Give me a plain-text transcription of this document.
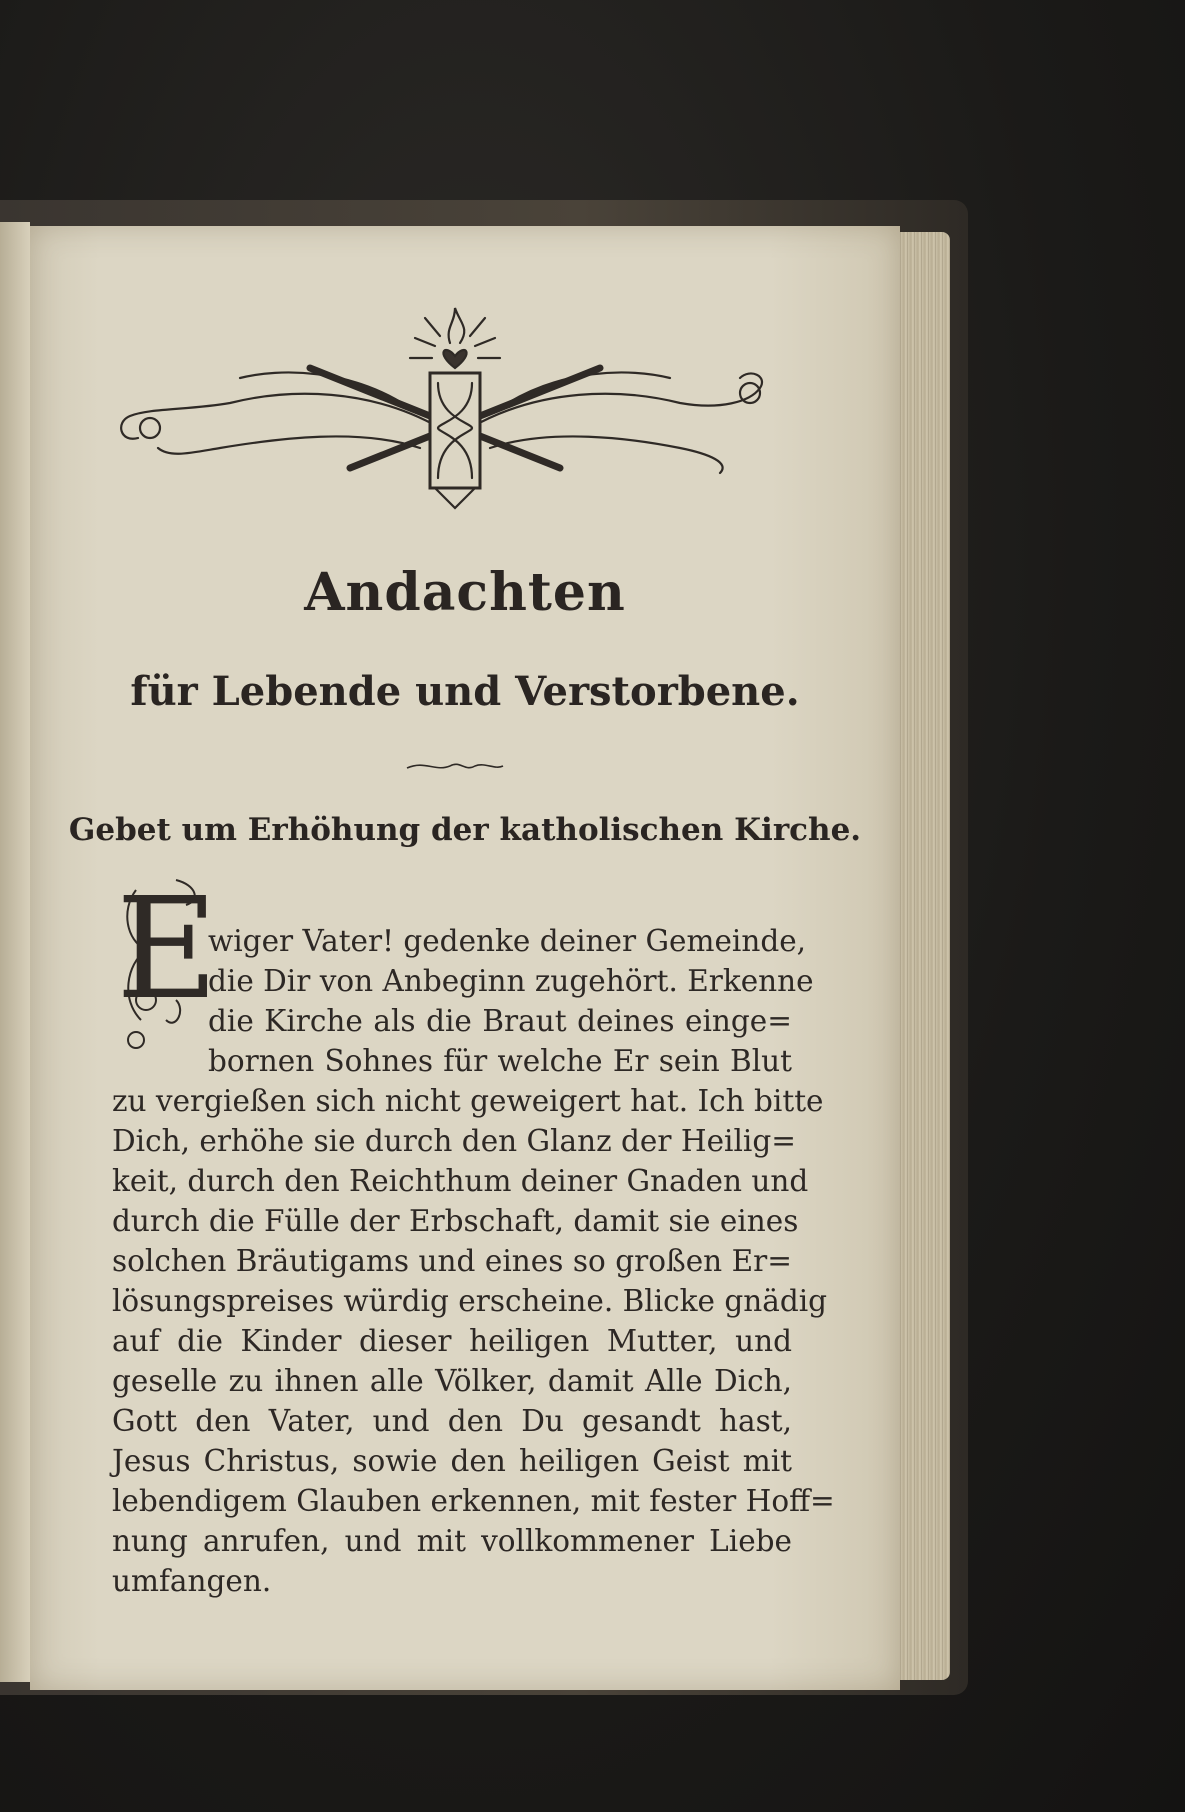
Andachten
für Lebende und Verstorbene.
Gebet um Erhöhung der katholischen Kirche.
E
wiger Vater! gedenke deiner Gemeinde,
die Dir von Anbeginn zugehört. Erkenne
die Kirche als die Braut deines einge=
bornen Sohnes für welche Er sein Blut
zu vergießen sich nicht geweigert hat. Ich bitte
Dich, erhöhe sie durch den Glanz der Heilig=
keit, durch den Reichthum deiner Gnaden und
durch die Fülle der Erbschaft, damit sie eines
solchen Bräutigams und eines so großen Er=
lösungspreises würdig erscheine. Blicke gnädig
auf die Kinder dieser heiligen Mutter, und
geselle zu ihnen alle Völker, damit Alle Dich,
Gott den Vater, und den Du gesandt hast,
Jesus Christus, sowie den heiligen Geist mit
lebendigem Glauben erkennen, mit fester Hoff=
nung anrufen, und mit vollkommener Liebe
umfangen.
